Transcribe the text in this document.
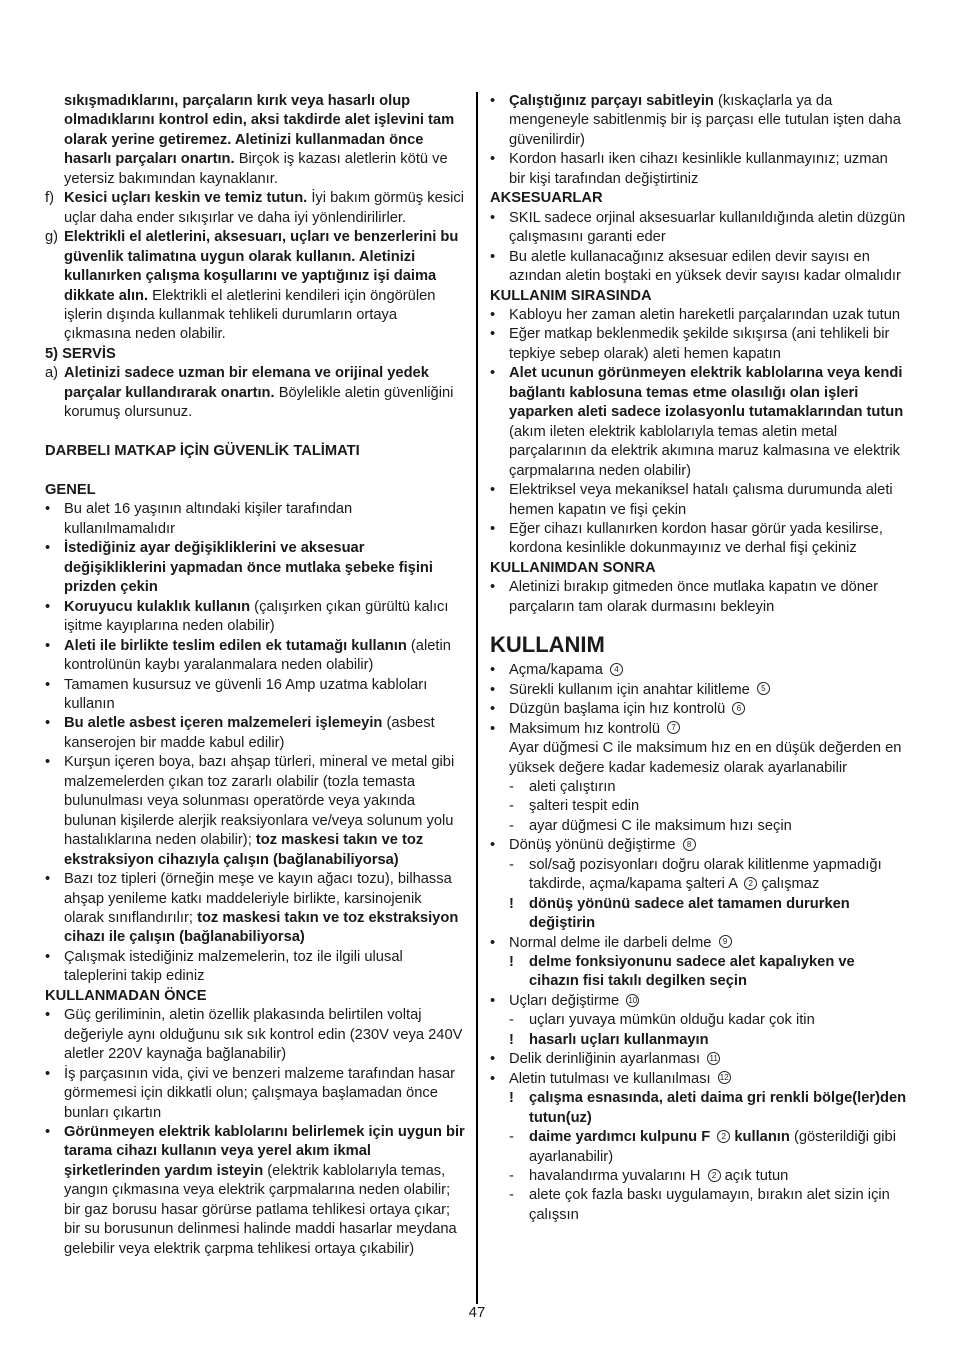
sıkışmadıklarını, parçaların kırık veya hasarlı olup olmadıklarını kontrol edin, aksi takdirde alet işlevini tam olarak yerine getiremez. Aletinizi kullanmadan önce hasarlı parçaları onartın. Birçok iş kazası aletlerin kötü ve yetersiz bakımından kaynaklanır.
f) Kesici uçları keskin ve temiz tutun. İyi bakım görmüş kesici uçlar daha ender sıkışırlar ve daha iyi yönlendirilirler.
g) Elektrikli el aletlerini, aksesuarı, uçları ve benzerlerini bu güvenlik talimatına uygun olarak kullanın. Aletinizi kullanırken çalışma koşullarını ve yaptığınız işi daima dikkate alın. Elektrikli el aletlerini kendileri için öngörülen işlerin dışında kullanmak tehlikeli durumların ortaya çıkmasına neden olabilir.
5) SERVİS
a) Aletinizi sadece uzman bir elemana ve orijinal yedek parçalar kullandırarak onartın. Böylelikle aletin güvenliğini korumuş olursunuz.
DARBELI MATKAP İÇİN GÜVENLİK TALİMATI
GENEL
• Bu alet 16 yaşının altındaki kişiler tarafından kullanılmamalıdır
• İstediğiniz ayar değişikliklerini ve aksesuar değişikliklerini yapmadan önce mutlaka şebeke fişini prizden çekin
• Koruyucu kulaklık kullanın (çalışırken çıkan gürültü kalıcı işitme kayıplarına neden olabilir)
• Aleti ile birlikte teslim edilen ek tutamağı kullanın (aletin kontrolünün kaybı yaralanmalara neden olabilir)
• Tamamen kusursuz ve güvenli 16 Amp uzatma kabloları kullanın
• Bu aletle asbest içeren malzemeleri işlemeyin (asbest kanserojen bir madde kabul edilir)
• Kurşun içeren boya, bazı ahşap türleri, mineral ve metal gibi malzemelerden çıkan toz zararlı olabilir (tozla temasta bulunulması veya solunması operatörde veya yakında bulunan kişilerde alerjik reaksiyonlara ve/veya solunum yolu hastalıklarına neden olabilir); toz maskesi takın ve toz ekstraksiyon cihazıyla çalışın (bağlanabiliyorsa)
• Bazı toz tipleri (örneğin meşe ve kayın ağacı tozu), bilhassa ahşap yenileme katkı maddeleriyle birlikte, karsinojenik olarak sınıflandırılır; toz maskesi takın ve toz ekstraksiyon cihazı ile çalışın (bağlanabiliyorsa)
• Çalışmak istediğiniz malzemelerin, toz ile ilgili ulusal taleplerini takip ediniz
KULLANMADAN ÖNCE
• Güç geriliminin, aletin özellik plakasında belirtilen voltaj değeriyle aynı olduğunu sık sık kontrol edin (230V veya 240V aletler 220V kaynağa bağlanabilir)
• İş parçasının vida, çivi ve benzeri malzeme tarafından hasar görmemesi için dikkatli olun; çalışmaya başlamadan önce bunları çıkartın
• Görünmeyen elektrik kablolarını belirlemek için uygun bir tarama cihazı kullanın veya yerel akım ikmal şirketlerinden yardım isteyin (elektrik kablolarıyla temas, yangın çıkmasına veya elektrik çarpmalarına neden olabilir; bir gaz borusu hasar görürse patlama tehlikesi ortaya çıkar; bir su borusunun delinmesi halinde maddi hasarlar meydana gelebilir veya elektrik çarpma tehlikesi ortaya çıkabilir)
• Çalıştığınız parçayı sabitleyin (kıskaçlarla ya da mengeneyle sabitlenmiş bir iş parçası elle tutulan işten daha güvenilirdir)
• Kordon hasarlı iken cihazı kesinlikle kullanmayınız; uzman bir kişi tarafından değiştirtiniz
AKSESUARLAR
• SKIL sadece orjinal aksesuarlar kullanıldığında aletin düzgün çalışmasını garanti eder
• Bu aletle kullanacağınız aksesuar edilen devir sayısı en azından aletin boştaki en yüksek devir sayısı kadar olmalıdır
KULLANIM SIRASINDA
• Kabloyu her zaman aletin hareketli parçalarından uzak tutun
• Eğer matkap beklenmedik şekilde sıkışırsa (ani tehlikeli bir tepkiye sebep olarak) aleti hemen kapatın
• Alet ucunun görünmeyen elektrik kablolarına veya kendi bağlantı kablosuna temas etme olasılığı olan işleri yaparken aleti sadece izolasyonlu tutamaklarından tutun (akım ileten elektrik kablolarıyla temas aletin metal parçalarının da elektrik akımına maruz kalmasına ve elektrik çarpmalarına neden olabilir)
• Elektriksel veya mekaniksel hatalı çalısma durumunda aleti hemen kapatın ve fişi çekin
• Eğer cihazı kullanırken kordon hasar görür yada kesilirse, kordona kesinlikle dokunmayınız ve derhal fişi çekiniz
KULLANIMDAN SONRA
• Aletinizi bırakıp gitmeden önce mutlaka kapatın ve döner parçaların tam olarak durmasını bekleyin
KULLANIM
• Açma/kapama 4
• Sürekli kullanım için anahtar kilitleme 5
• Düzgün başlama için hız kontrolü 6
• Maksimum hız kontrolü 7
Ayar düğmesi C ile maksimum hız en en düşük değerden en yüksek değere kadar kademesiz olarak ayarlanabilir
-	aleti çalıştırın
-	şalteri tespit edin
-	ayar düğmesi C ile maksimum hızı seçin
• Dönüş yönünü değiştirme 8
-	sol/sağ pozisyonları doğru olarak kilitlenme yapmadığı takdirde, açma/kapama şalteri A 2 çalışmaz
!	dönüş yönünü sadece alet tamamen dururken değiştirin
• Normal delme ile darbeli delme 9
!	delme fonksiyonunu sadece alet kapalıyken ve cihazın fisi takılı degilken seçin
• Uçları değiştirme 10
-	uçları yuvaya mümkün olduğu kadar çok itin
!	hasarlı uçları kullanmayın
• Delik derinliğinin ayarlanması 11
• Aletin tutulması ve kullanılması 12
!	çalışma esnasında, aleti daima gri renkli bölge(ler)den tutun(uz)
-	daime yardımcı kulpunu F 2 kullanın (gösterildiği gibi ayarlanabilir)
-	havalandırma yuvalarını H 2 açık tutun
-	alete çok fazla baskı uygulamayın, bırakın alet sizin için çalışsın
47
